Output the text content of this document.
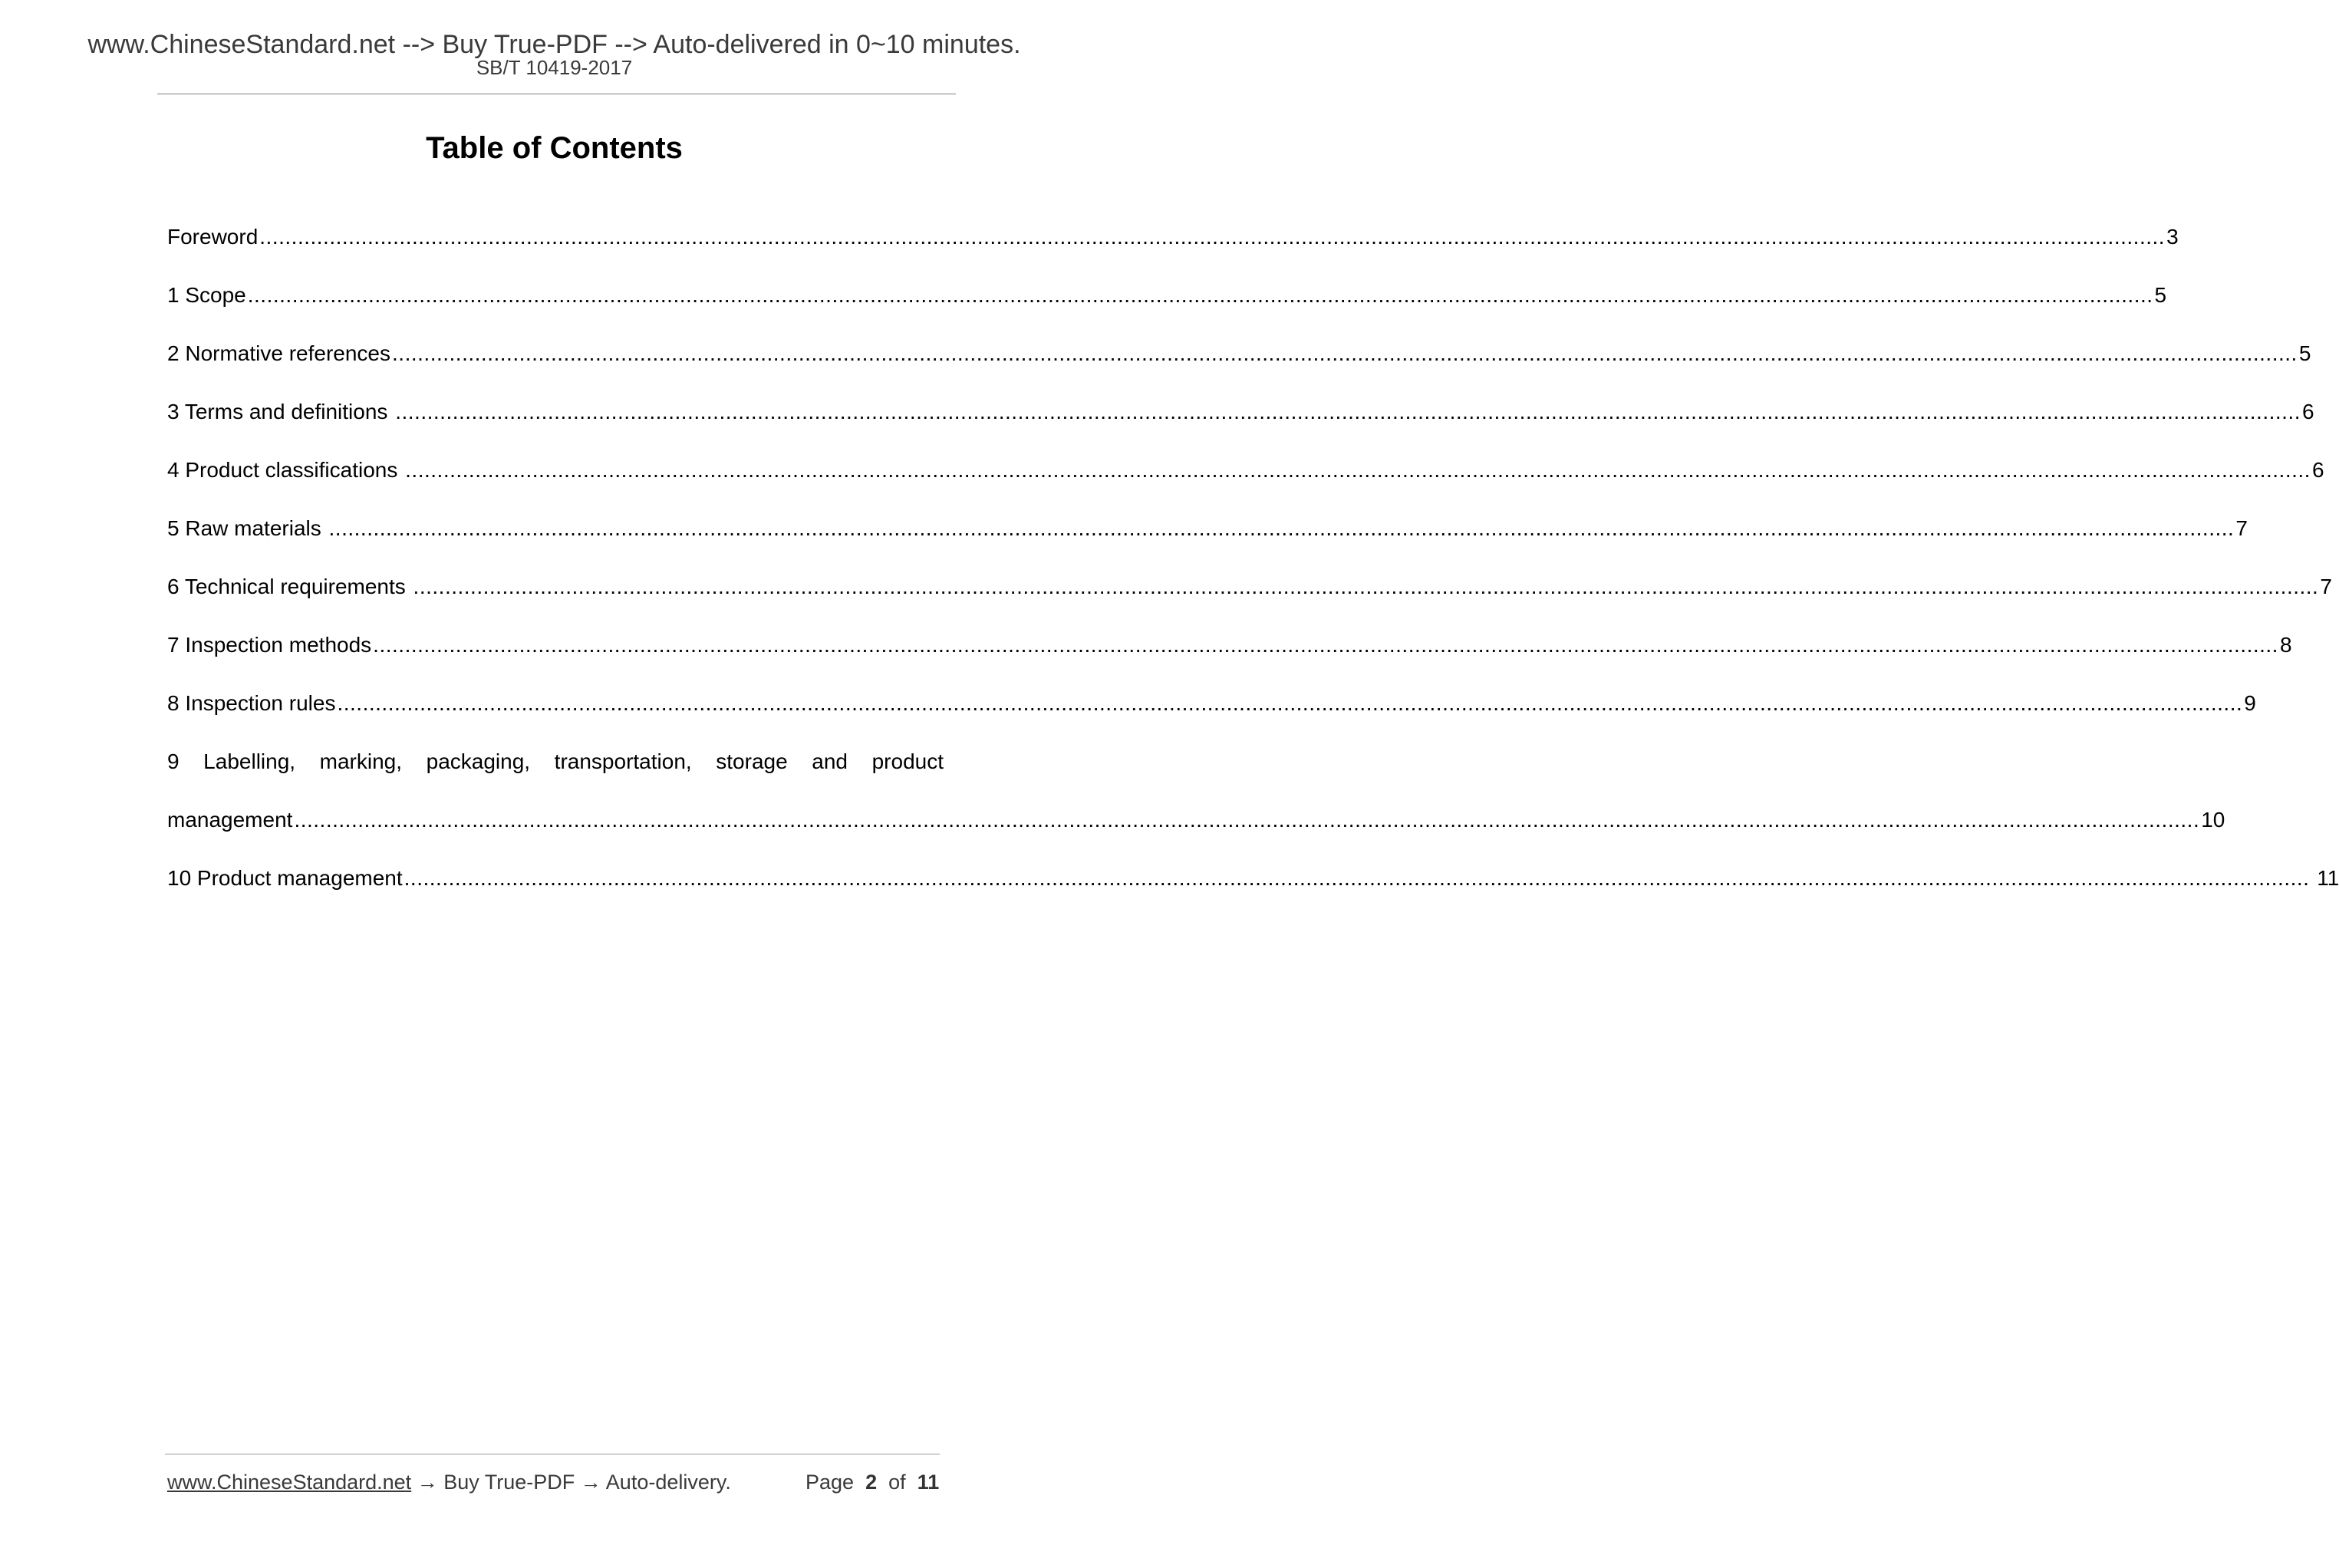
www.ChineseStandard.net --> Buy True-PDF --> Auto-delivered in 0~10 minutes.
SB/T 10419-2017
Table of Contents
Foreword ............................................................................................................................................................................................................................................................................................................ 3
1 Scope ............................................................................................................................................................................................................................................................................................................ 5
2 Normative references ............................................................................................................................................................................................................................................................................................................ 5
3 Terms and definitions ............................................................................................................................................................................................................................................................................................................ 6
4 Product classifications ............................................................................................................................................................................................................................................................................................................ 6
5 Raw materials ............................................................................................................................................................................................................................................................................................................ 7
6 Technical requirements ............................................................................................................................................................................................................................................................................................................ 7
7 Inspection methods ............................................................................................................................................................................................................................................................................................................ 8
8 Inspection rules ............................................................................................................................................................................................................................................................................................................ 9
9 Labelling, marking, packaging, transportation, storage and product
management ............................................................................................................................................................................................................................................................................................................ 10
10 Product management ............................................................................................................................................................................................................................................................................................................ 11
www.ChineseStandard.net → Buy True-PDF → Auto-delivery.	Page 2 of 11
